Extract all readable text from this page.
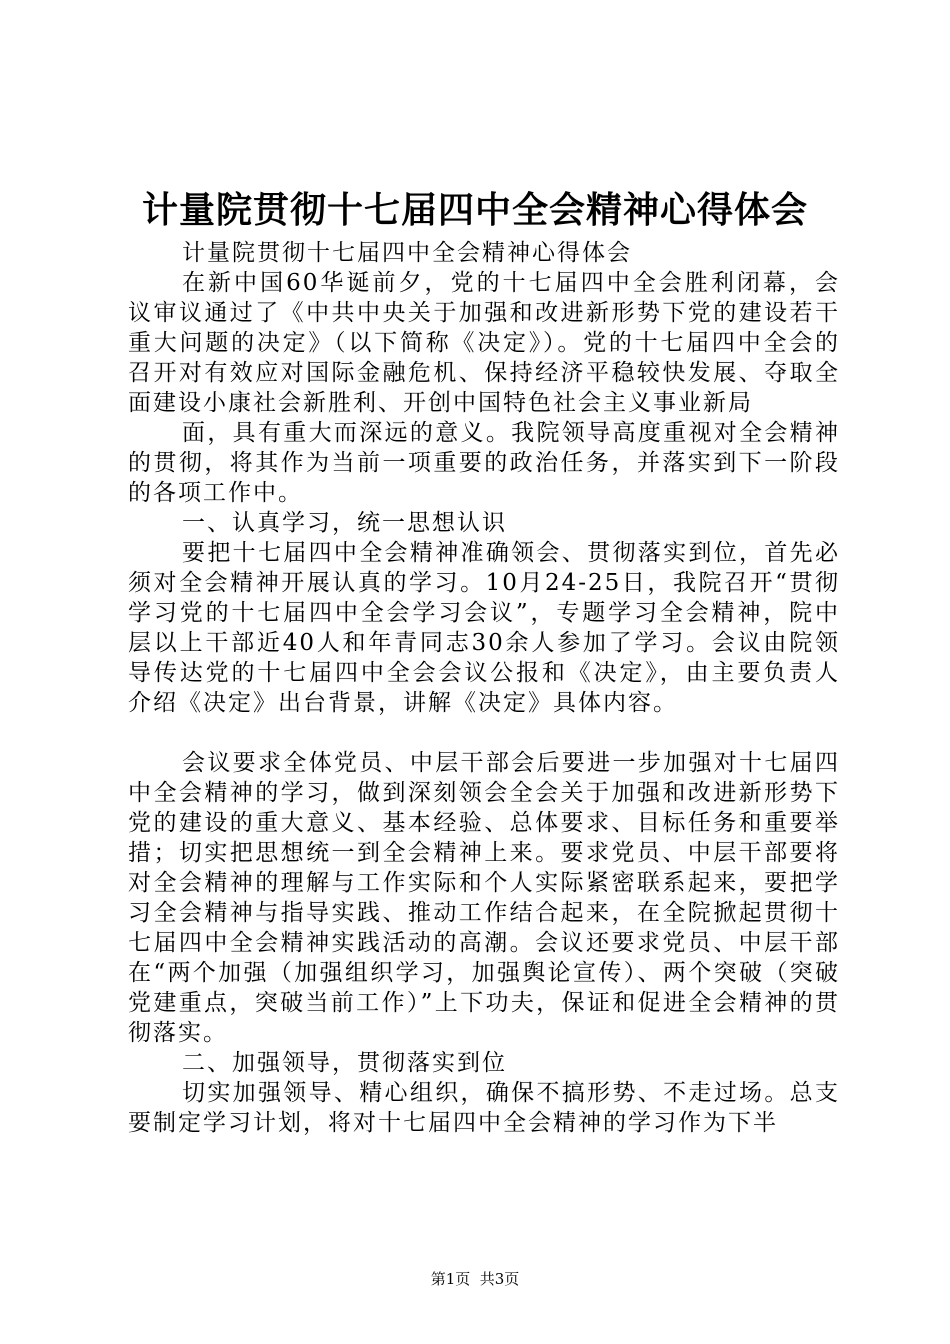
计量院贯彻十七届四中全会精神心得体会

计量院贯彻十七届四中全会精神心得体会

在新中国60华诞前夕，党的十七届四中全会胜利闭幕，会议审议通过了《中共中央关于加强和改进新形势下党的建设若干重大问题的决定》（以下简称《决定》）。党的十七届四中全会的召开对有效应对国际金融危机、保持经济平稳较快发展、夺取全面建设小康社会新胜利、开创中国特色社会主义事业新局

面，具有重大而深远的意义。我院领导高度重视对全会精神的贯彻，将其作为当前一项重要的政治任务，并落实到下一阶段的各项工作中。

一、认真学习，统一思想认识

要把十七届四中全会精神准确领会、贯彻落实到位，首先必须对全会精神开展认真的学习。10月24-25日，我院召开“贯彻学习党的十七届四中全会学习会议”，专题学习全会精神，院中层以上干部近40人和年青同志30余人参加了学习。会议由院领导传达党的十七届四中全会会议公报和《决定》，由主要负责人介绍《决定》出台背景，讲解《决定》具体内容。

会议要求全体党员、中层干部会后要进一步加强对十七届四中全会精神的学习，做到深刻领会全会关于加强和改进新形势下党的建设的重大意义、基本经验、总体要求、目标任务和重要举措；切实把思想统一到全会精神上来。要求党员、中层干部要将对全会精神的理解与工作实际和个人实际紧密联系起来，要把学习全会精神与指导实践、推动工作结合起来，在全院掀起贯彻十七届四中全会精神实践活动的高潮。会议还要求党员、中层干部在“两个加强（加强组织学习，加强舆论宣传）、两个突破（突破党建重点，突破当前工作）”上下功夫，保证和促进全会精神的贯彻落实。

二、加强领导，贯彻落实到位

切实加强领导、精心组织，确保不搞形势、不走过场。总支要制定学习计划，将对十七届四中全会精神的学习作为下半

第1页  共3页
